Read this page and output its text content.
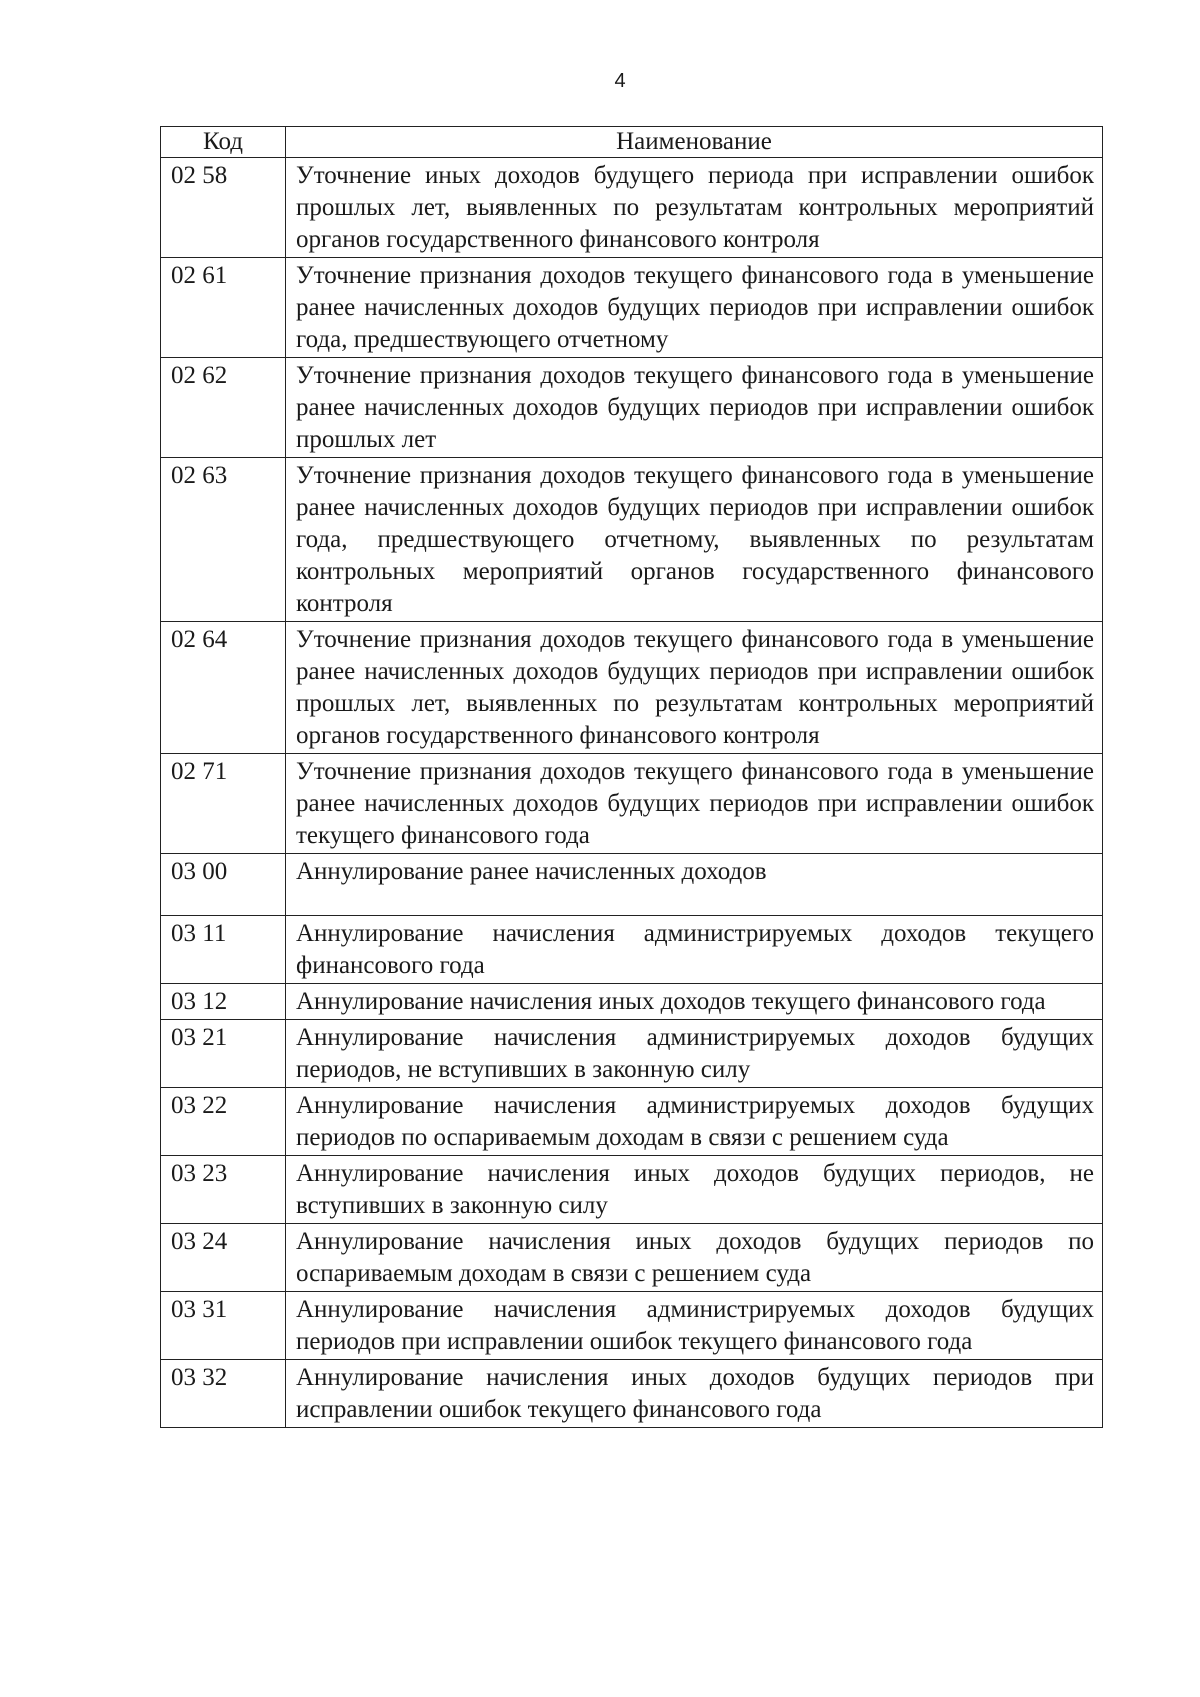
4
Код	Наименование
02 58	Уточнение иных доходов будущего периода при исправлении ошибок прошлых лет, выявленных по результатам контрольных мероприятий органов государственного финансового контроля
02 61	Уточнение признания доходов текущего финансового года в уменьшение ранее начисленных доходов будущих периодов при исправлении ошибок года, предшествующего отчетному
02 62	Уточнение признания доходов текущего финансового года в уменьшение ранее начисленных доходов будущих периодов при исправлении ошибок прошлых лет
02 63	Уточнение признания доходов текущего финансового года в уменьшение ранее начисленных доходов будущих периодов при исправлении ошибок года, предшествующего отчетному, выявленных по результатам контрольных мероприятий органов государственного финансового контроля
02 64	Уточнение признания доходов текущего финансового года в уменьшение ранее начисленных доходов будущих периодов при исправлении ошибок прошлых лет, выявленных по результатам контрольных мероприятий органов государственного финансового контроля
02 71	Уточнение признания доходов текущего финансового года в уменьшение ранее начисленных доходов будущих периодов при исправлении ошибок текущего финансового года
03 00	Аннулирование ранее начисленных доходов
03 11	Аннулирование начисления администрируемых доходов текущего финансового года
03 12	Аннулирование начисления иных доходов текущего финансового года
03 21	Аннулирование начисления администрируемых доходов будущих периодов, не вступивших в законную силу
03 22	Аннулирование начисления администрируемых доходов будущих периодов по оспариваемым доходам в связи с решением суда
03 23	Аннулирование начисления иных доходов будущих периодов, не вступивших в законную силу
03 24	Аннулирование начисления иных доходов будущих периодов по оспариваемым доходам в связи с решением суда
03 31	Аннулирование начисления администрируемых доходов будущих периодов при исправлении ошибок текущего финансового года
03 32	Аннулирование начисления иных доходов будущих периодов при исправлении ошибок текущего финансового года
